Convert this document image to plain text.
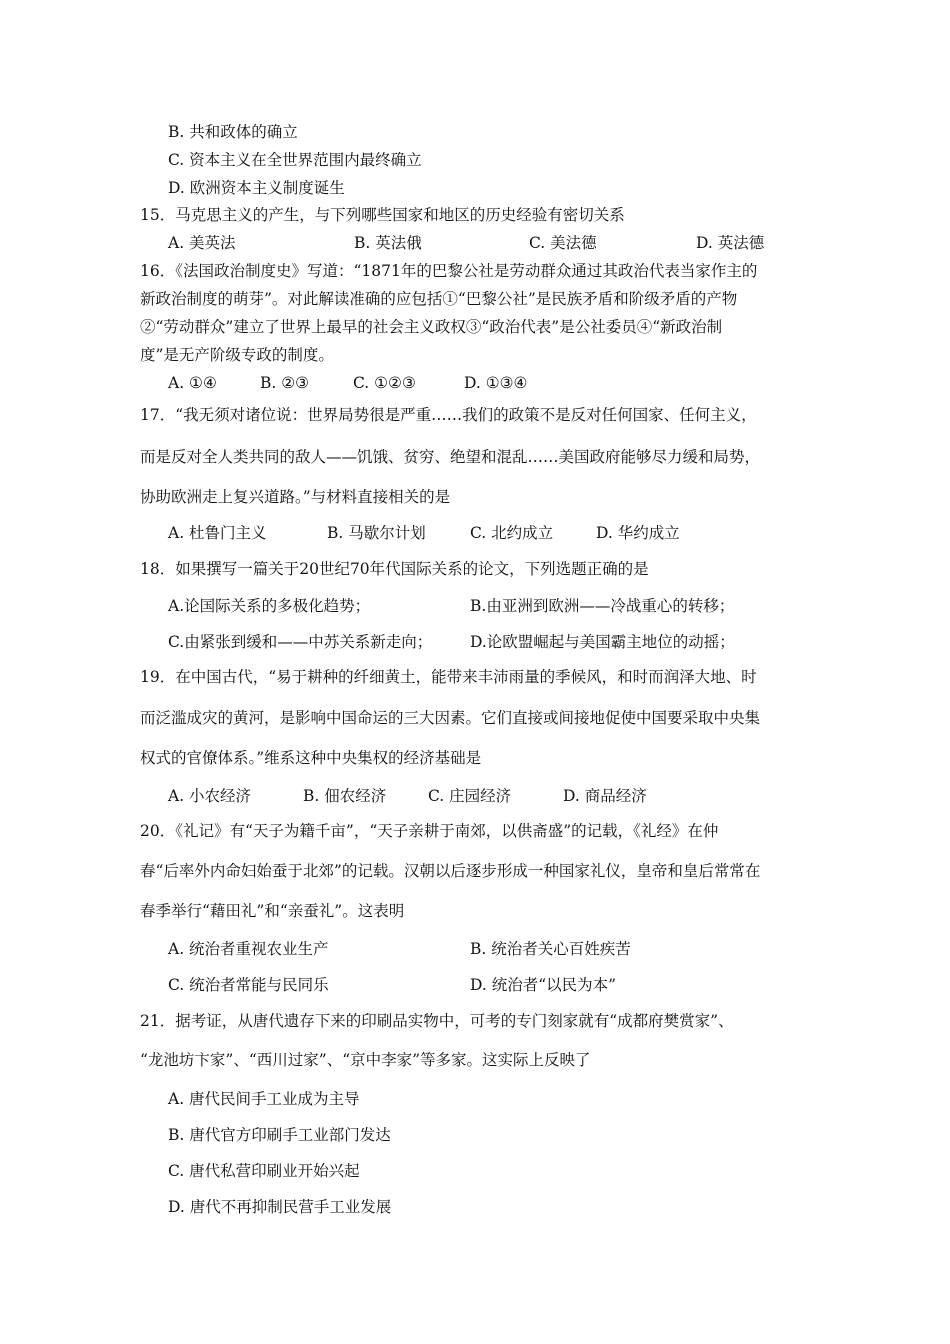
B. 共和政体的确立
C. 资本主义在全世界范围内最终确立
D. 欧洲资本主义制度诞生
15．马克思主义的产生，与下列哪些国家和地区的历史经验有密切关系
A. 美英法	B. 英法俄	C. 美法德	D. 英法德
16．《法国政治制度史》写道：“1871年的巴黎公社是劳动群众通过其政治代表当家作主的
新政治制度的萌芽”。对此解读准确的应包括①“巴黎公社”是民族矛盾和阶级矛盾的产物
②“劳动群众”建立了世界上最早的社会主义政权③“政治代表”是公社委员④“新政治制
度”是无产阶级专政的制度。
A. ①④	B. ②③	C. ①②③	D. ①③④
17．“我无须对诸位说：世界局势很是严重……我们的政策不是反对任何国家、任何主义，
而是反对全人类共同的敌人——饥饿、贫穷、绝望和混乱……美国政府能够尽力缓和局势，
协助欧洲走上复兴道路。”与材料直接相关的是
A. 杜鲁门主义	B. 马歇尔计划	C. 北约成立	D. 华约成立
18．如果撰写一篇关于20世纪70年代国际关系的论文，下列选题正确的是
A.论国际关系的多极化趋势；	B.由亚洲到欧洲——冷战重心的转移；
C.由紧张到缓和——中苏关系新走向； D.论欧盟崛起与美国霸主地位的动摇；
19．在中国古代，“易于耕种的纤细黄土，能带来丰沛雨量的季候风，和时而润泽大地、时
而泛滥成灾的黄河，是影响中国命运的三大因素。它们直接或间接地促使中国要采取中央集
权式的官僚体系。”维系这种中央集权的经济基础是
A. 小农经济	B. 佃农经济	C. 庄园经济	D. 商品经济
20．《礼记》有“天子为籍千亩”，“天子亲耕于南郊，以供斋盛”的记载，《礼经》在仲
春“后率外内命妇始蚕于北郊”的记载。汉朝以后逐步形成一种国家礼仪，皇帝和皇后常常在
春季举行“藉田礼”和“亲蚕礼”。这表明
A. 统治者重视农业生产	B. 统治者关心百姓疾苦
C. 统治者常能与民同乐	D. 统治者“以民为本”
21．据考证，从唐代遗存下来的印刷品实物中，可考的专门刻家就有“成都府樊赏家”、
“龙池坊卞家”、“西川过家”、“京中李家”等多家。这实际上反映了
A. 唐代民间手工业成为主导
B. 唐代官方印刷手工业部门发达
C. 唐代私营印刷业开始兴起
D. 唐代不再抑制民营手工业发展
